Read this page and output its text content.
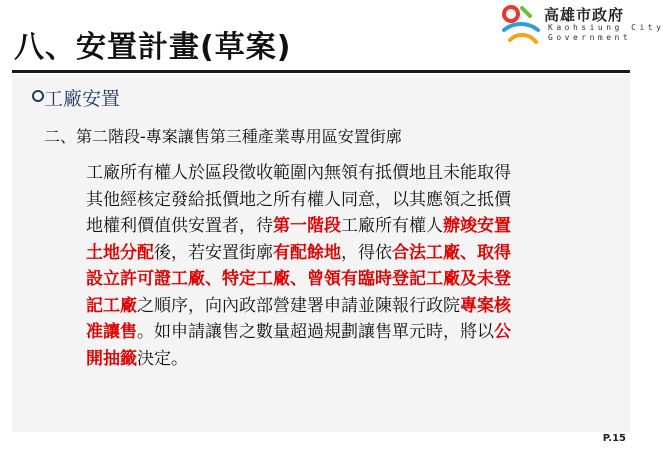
八、安置計畫(草案)
高雄市政府
Kaohsiung City
Government
工廠安置
二、第二階段-專案讓售第三種產業專用區安置街廓
工廠所有權人於區段徵收範圍內無領有抵價地且未能取得
其他經核定發給抵價地之所有權人同意，以其應領之抵價
地權利價值供安置者，待第一階段工廠所有權人辦竣安置
土地分配後，若安置街廓有配餘地，得依合法工廠、取得
設立許可證工廠、特定工廠、曾領有臨時登記工廠及未登
記工廠之順序，向內政部營建署申請並陳報行政院專案核
准讓售。如申請讓售之數量超過規劃讓售單元時，將以公
開抽籤決定。
P.15
